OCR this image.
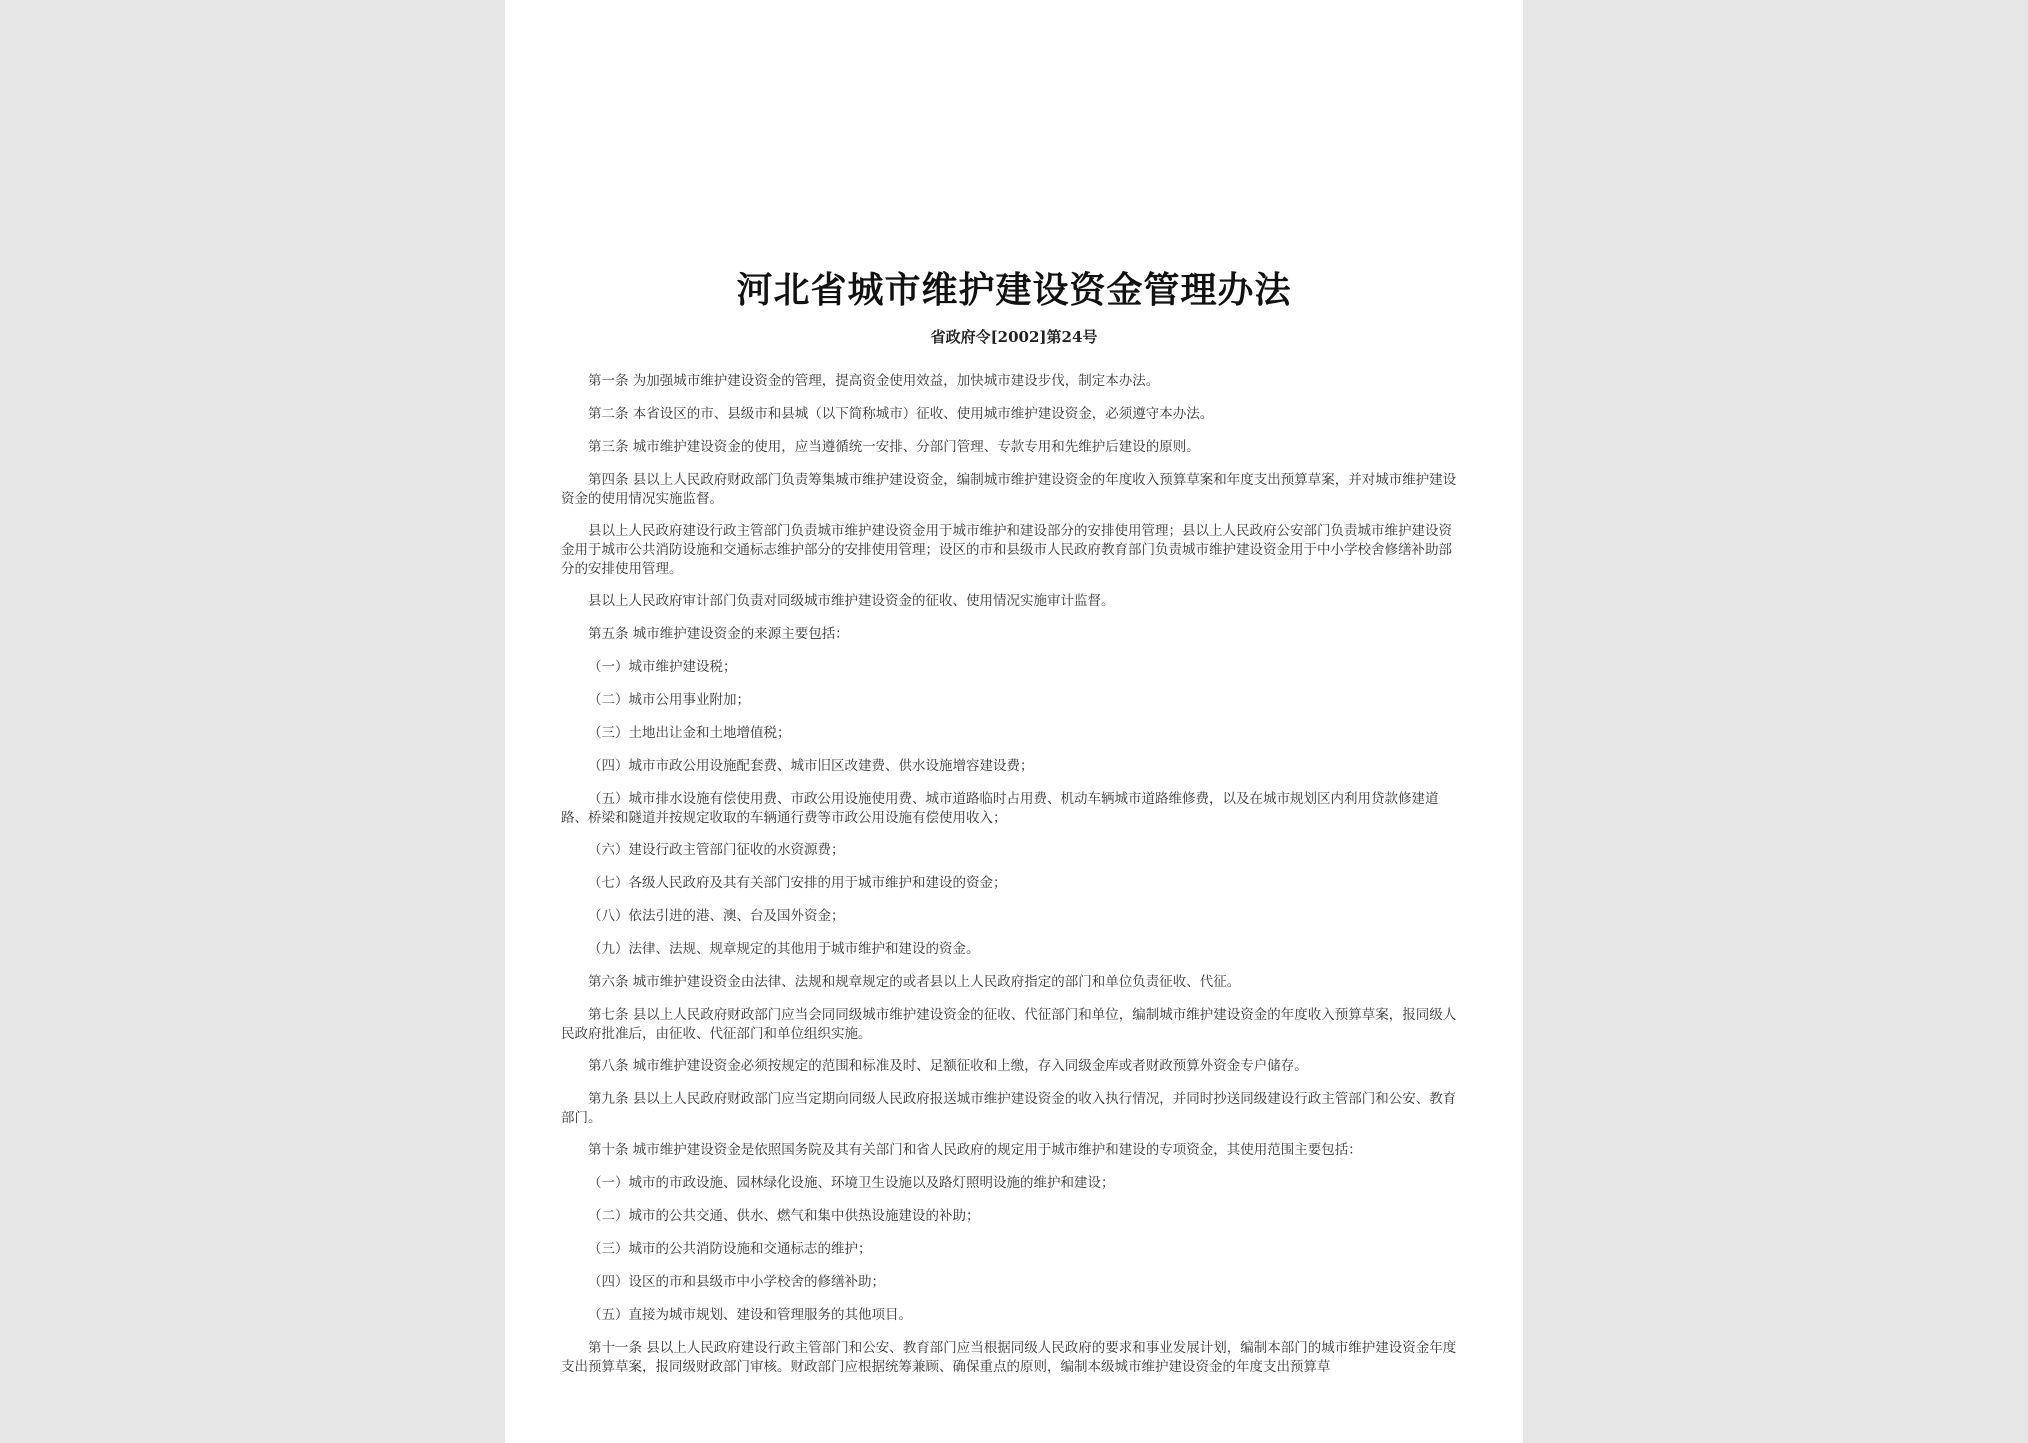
河北省城市维护建设资金管理办法
省政府令[2002]第24号

第一条 为加强城市维护建设资金的管理，提高资金使用效益，加快城市建设步伐，制定本办法。

第二条 本省设区的市、县级市和县城（以下简称城市）征收、使用城市维护建设资金，必须遵守本办法。

第三条 城市维护建设资金的使用，应当遵循统一安排、分部门管理、专款专用和先维护后建设的原则。

第四条 县以上人民政府财政部门负责筹集城市维护建设资金，编制城市维护建设资金的年度收入预算草案和年度支出预算草案，并对城市维护建设资金的使用情况实施监督。

县以上人民政府建设行政主管部门负责城市维护建设资金用于城市维护和建设部分的安排使用管理；县以上人民政府公安部门负责城市维护建设资金用于城市公共消防设施和交通标志维护部分的安排使用管理；设区的市和县级市人民政府教育部门负责城市维护建设资金用于中小学校舍修缮补助部分的安排使用管理。

县以上人民政府审计部门负责对同级城市维护建设资金的征收、使用情况实施审计监督。

第五条 城市维护建设资金的来源主要包括：

（一）城市维护建设税；

（二）城市公用事业附加；

（三）土地出让金和土地增值税；

（四）城市市政公用设施配套费、城市旧区改建费、供水设施增容建设费；

（五）城市排水设施有偿使用费、市政公用设施使用费、城市道路临时占用费、机动车辆城市道路维修费，以及在城市规划区内利用贷款修建道路、桥梁和隧道并按规定收取的车辆通行费等市政公用设施有偿使用收入；

（六）建设行政主管部门征收的水资源费；

（七）各级人民政府及其有关部门安排的用于城市维护和建设的资金；

（八）依法引进的港、澳、台及国外资金；

（九）法律、法规、规章规定的其他用于城市维护和建设的资金。

第六条 城市维护建设资金由法律、法规和规章规定的或者县以上人民政府指定的部门和单位负责征收、代征。

第七条 县以上人民政府财政部门应当会同同级城市维护建设资金的征收、代征部门和单位，编制城市维护建设资金的年度收入预算草案，报同级人民政府批准后，由征收、代征部门和单位组织实施。

第八条 城市维护建设资金必须按规定的范围和标准及时、足额征收和上缴，存入同级金库或者财政预算外资金专户储存。

第九条 县以上人民政府财政部门应当定期向同级人民政府报送城市维护建设资金的收入执行情况，并同时抄送同级建设行政主管部门和公安、教育部门。

第十条 城市维护建设资金是依照国务院及其有关部门和省人民政府的规定用于城市维护和建设的专项资金，其使用范围主要包括：

（一）城市的市政设施、园林绿化设施、环境卫生设施以及路灯照明设施的维护和建设；

（二）城市的公共交通、供水、燃气和集中供热设施建设的补助；

（三）城市的公共消防设施和交通标志的维护；

（四）设区的市和县级市中小学校舍的修缮补助；

（五）直接为城市规划、建设和管理服务的其他项目。

第十一条 县以上人民政府建设行政主管部门和公安、教育部门应当根据同级人民政府的要求和事业发展计划，编制本部门的城市维护建设资金年度支出预算草案，报同级财政部门审核。财政部门应根据统筹兼顾、确保重点的原则，编制本级城市维护建设资金的年度支出预算草
